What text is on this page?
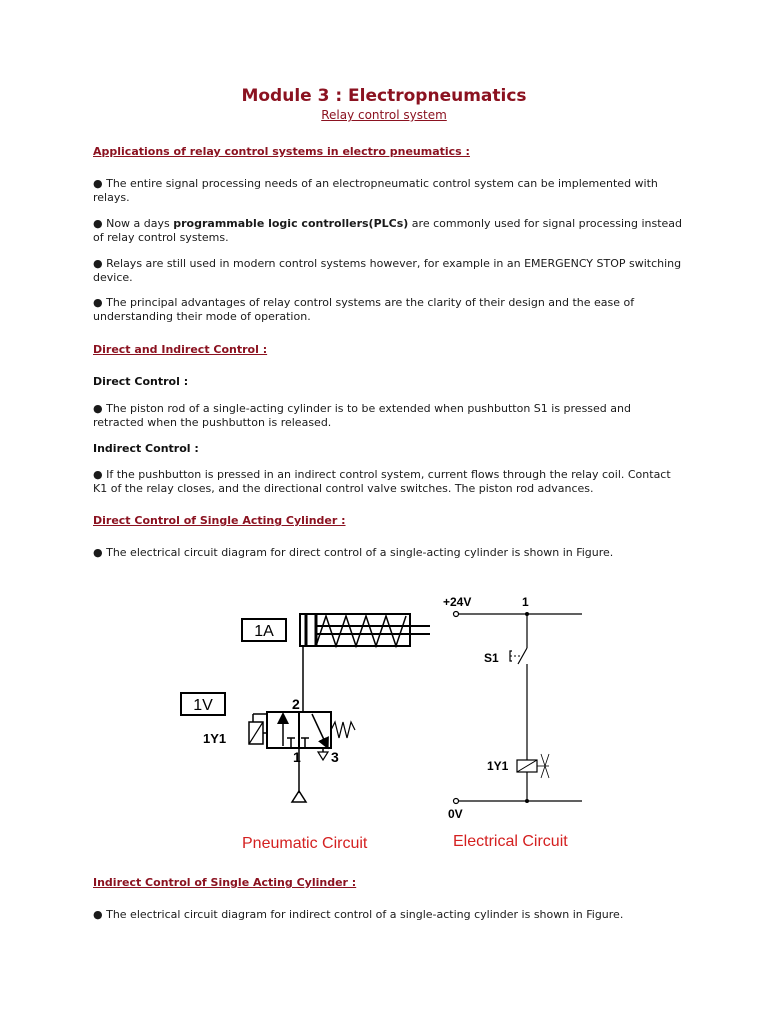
Module 3 : Electropneumatics
Relay control system
Applications of relay control systems in electro pneumatics :
● The entire signal processing needs of an electropneumatic control system can be implemented with relays.
● Now a days programmable logic controllers(PLCs) are commonly used for signal processing instead of relay control systems.
● Relays are still used in modern control systems however, for example in an EMERGENCY STOP switching device.
● The principal advantages of relay control systems are the clarity of their design and the ease of understanding their mode of operation.
Direct and Indirect Control :
Direct Control :
● The piston rod of a single-acting cylinder is to be extended when pushbutton S1 is pressed and retracted when the pushbutton is released.
Indirect Control :
● If the pushbutton is pressed in an indirect control system, current flows through the relay coil. Contact K1 of the relay closes, and the directional control valve switches. The piston rod advances.
Direct Control of Single Acting Cylinder :
● The electrical circuit diagram for direct control of a single-acting cylinder is shown in Figure.
1A
1V	2
1Y1
1 3
Pneumatic Circuit
+24V	1
S1
1Y1
0V
Electrical Circuit
Indirect Control of Single Acting Cylinder :
● The electrical circuit diagram for indirect control of a single-acting cylinder is shown in Figure.
